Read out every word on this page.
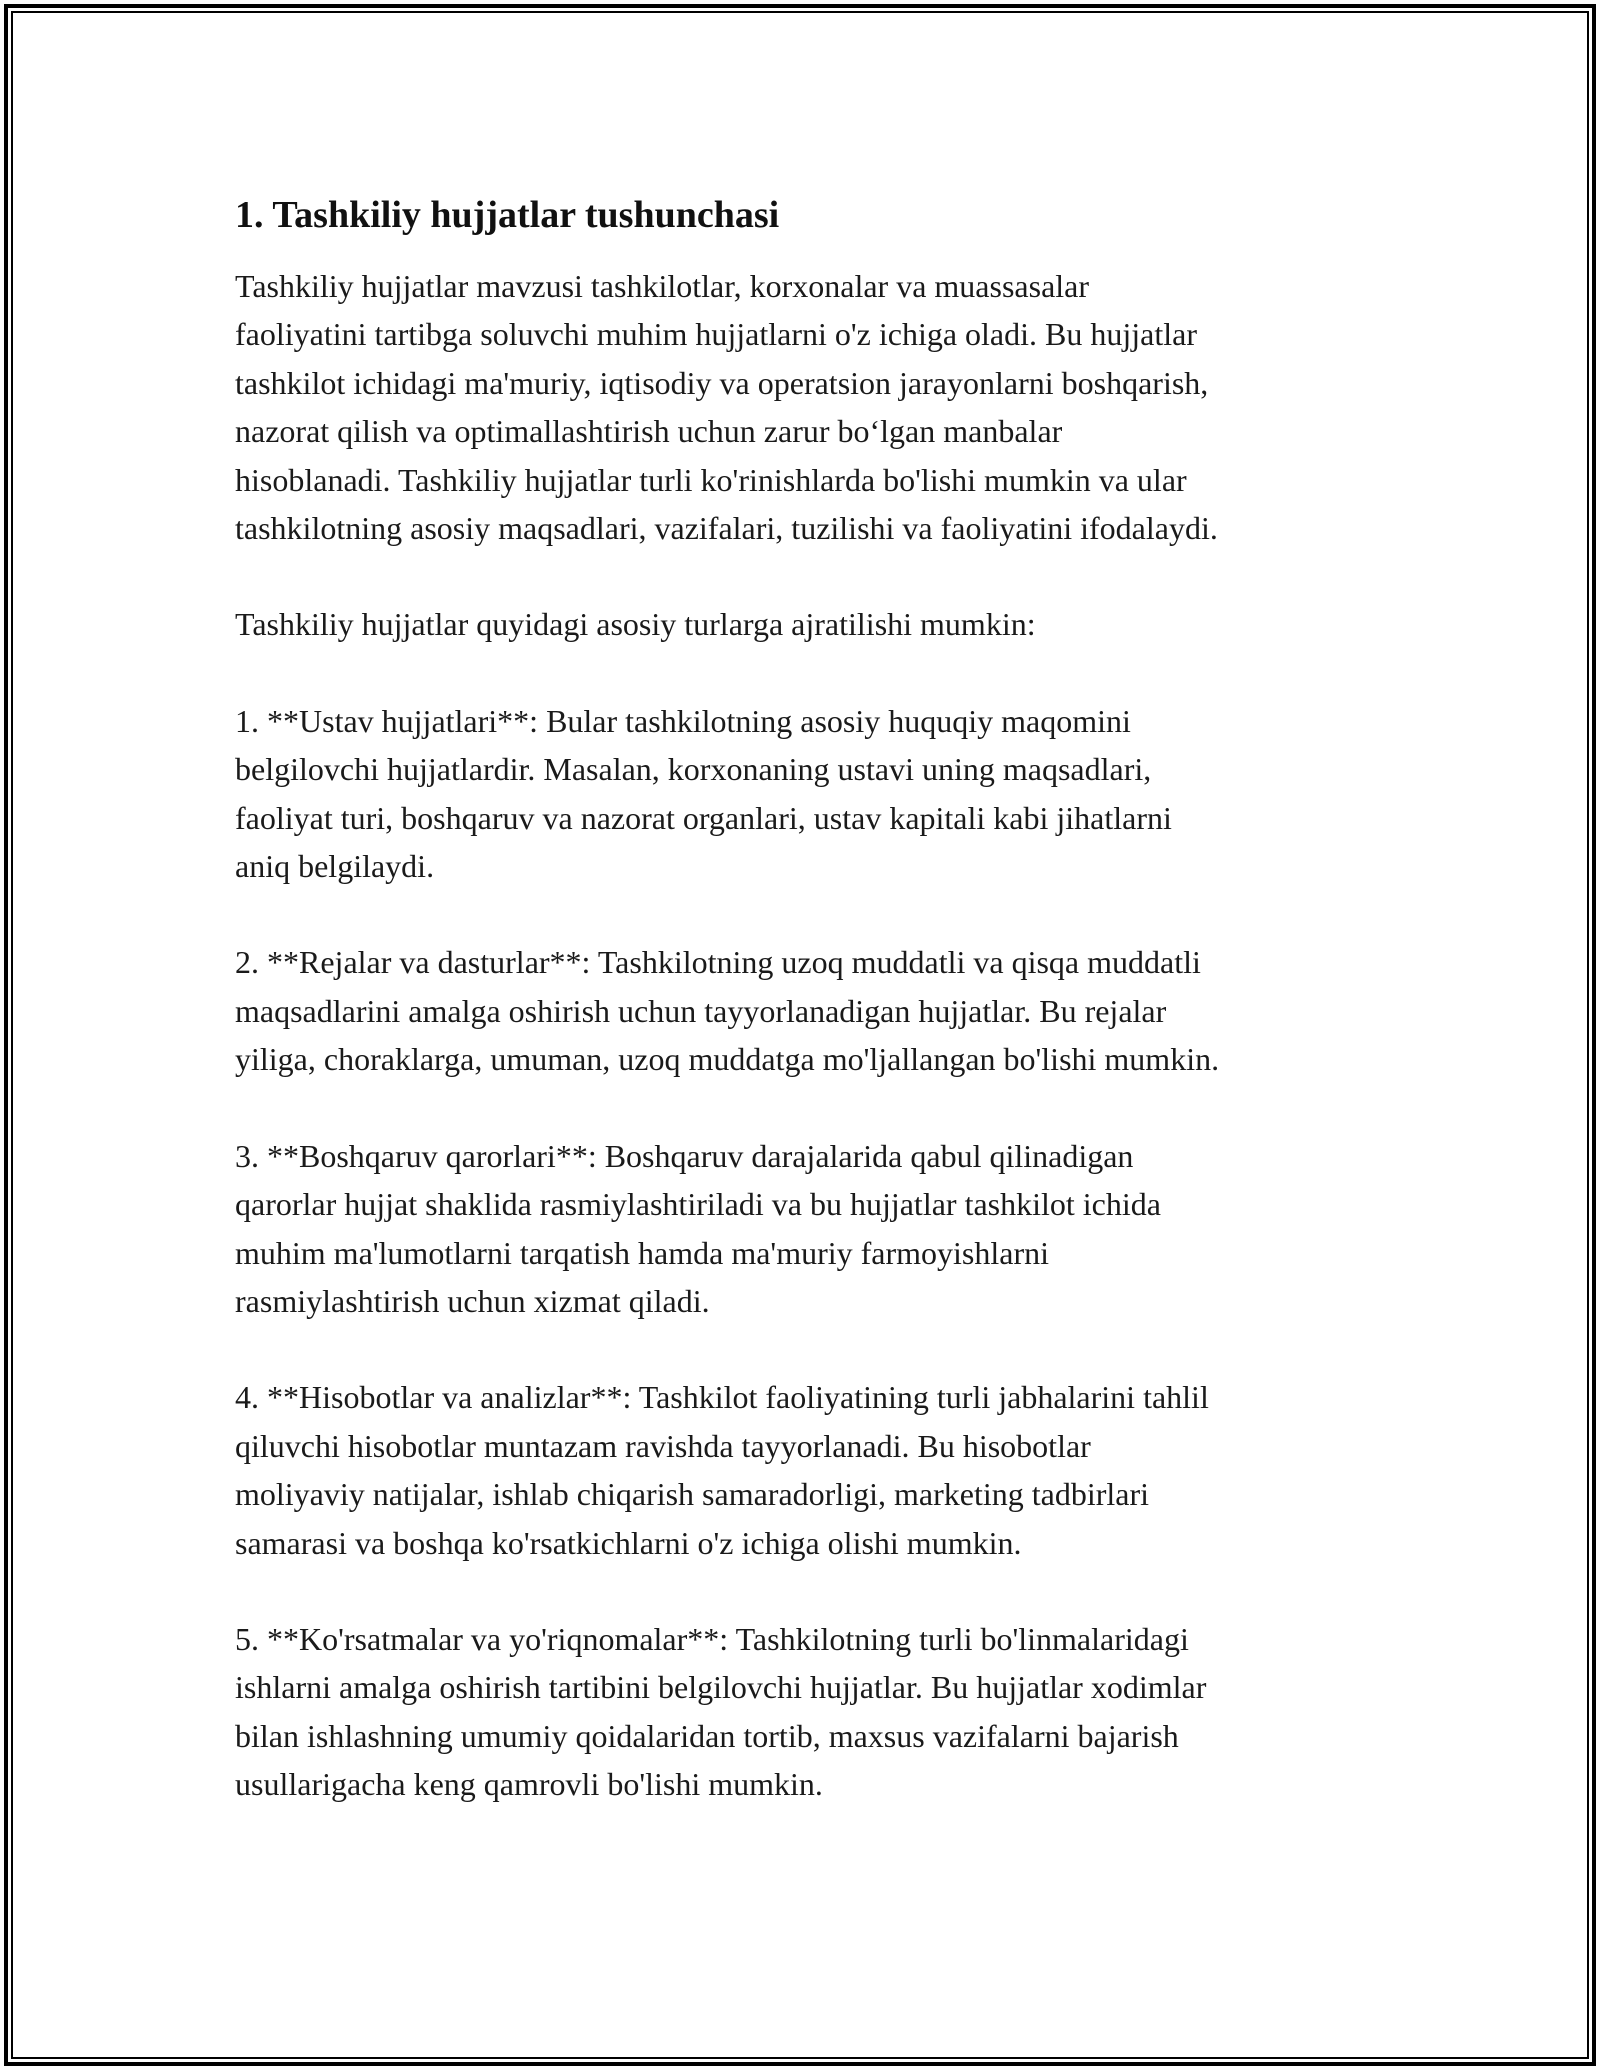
1. Tashkiliy hujjatlar tushunchasi

Tashkiliy hujjatlar mavzusi tashkilotlar, korxonalar va muassasalar
faoliyatini tartibga soluvchi muhim hujjatlarni o'z ichiga oladi. Bu hujjatlar
tashkilot ichidagi ma'muriy, iqtisodiy va operatsion jarayonlarni boshqarish,
nazorat qilish va optimallashtirish uchun zarur boʻlgan manbalar
hisoblanadi. Tashkiliy hujjatlar turli ko'rinishlarda bo'lishi mumkin va ular
tashkilotning asosiy maqsadlari, vazifalari, tuzilishi va faoliyatini ifodalaydi.

Tashkiliy hujjatlar quyidagi asosiy turlarga ajratilishi mumkin:

1. **Ustav hujjatlari**: Bular tashkilotning asosiy huquqiy maqomini
belgilovchi hujjatlardir. Masalan, korxonaning ustavi uning maqsadlari,
faoliyat turi, boshqaruv va nazorat organlari, ustav kapitali kabi jihatlarni
aniq belgilaydi.

2. **Rejalar va dasturlar**: Tashkilotning uzoq muddatli va qisqa muddatli
maqsadlarini amalga oshirish uchun tayyorlanadigan hujjatlar. Bu rejalar
yiliga, choraklarga, umuman, uzoq muddatga mo'ljallangan bo'lishi mumkin.

3. **Boshqaruv qarorlari**: Boshqaruv darajalarida qabul qilinadigan
qarorlar hujjat shaklida rasmiylashtiriladi va bu hujjatlar tashkilot ichida
muhim ma'lumotlarni tarqatish hamda ma'muriy farmoyishlarni
rasmiylashtirish uchun xizmat qiladi.

4. **Hisobotlar va analizlar**: Tashkilot faoliyatining turli jabhalarini tahlil
qiluvchi hisobotlar muntazam ravishda tayyorlanadi. Bu hisobotlar
moliyaviy natijalar, ishlab chiqarish samaradorligi, marketing tadbirlari
samarasi va boshqa ko'rsatkichlarni o'z ichiga olishi mumkin.

5. **Ko'rsatmalar va yo'riqnomalar**: Tashkilotning turli bo'linmalaridagi
ishlarni amalga oshirish tartibini belgilovchi hujjatlar. Bu hujjatlar xodimlar
bilan ishlashning umumiy qoidalaridan tortib, maxsus vazifalarni bajarish
usullarigacha keng qamrovli bo'lishi mumkin.
